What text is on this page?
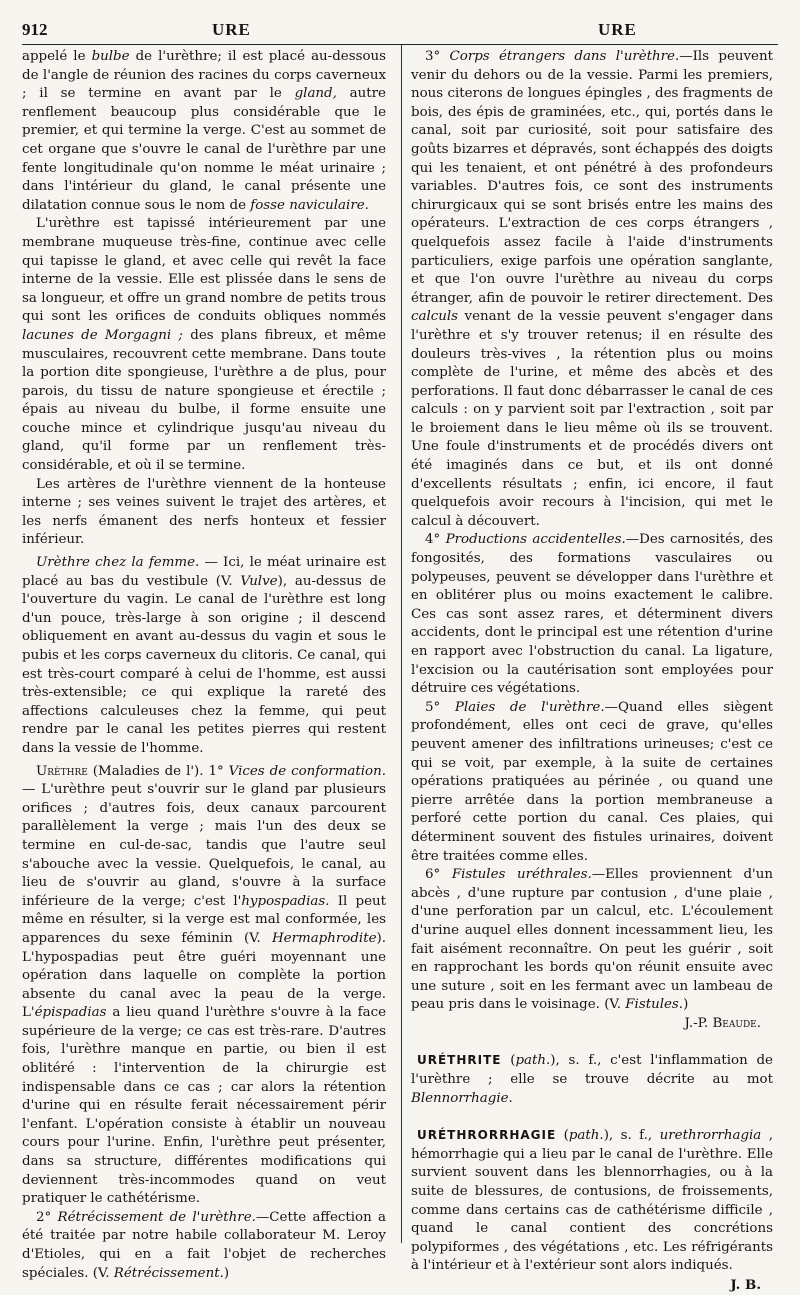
912	URE	URE

appelé le bulbe de l'urèthre; il est placé au-dessous de l'angle de réunion des racines du corps caverneux ; il se termine en avant par le gland, autre renflement beaucoup plus considérable que le premier, et qui termine la verge. C'est au sommet de cet organe que s'ouvre le canal de l'urèthre par une fente longitudinale qu'on nomme le méat urinaire ; dans l'intérieur du gland, le canal présente une dilatation connue sous le nom de fosse naviculaire.

L'urèthre est tapissé intérieurement par une membrane muqueuse très-fine, continue avec celle qui tapisse le gland, et avec celle qui revêt la face interne de la vessie. Elle est plissée dans le sens de sa longueur, et offre un grand nombre de petits trous qui sont les orifices de conduits obliques nommés lacunes de Morgagni ; des plans fibreux, et même musculaires, recouvrent cette membrane. Dans toute la portion dite spongieuse, l'urèthre a de plus, pour parois, du tissu de nature spongieuse et érectile ; épais au niveau du bulbe, il forme ensuite une couche mince et cylindrique jusqu'au niveau du gland, qu'il forme par un renflement très-considérable, et où il se termine.

Les artères de l'urèthre viennent de la honteuse interne ; ses veines suivent le trajet des artères, et les nerfs émanent des nerfs honteux et fessier inférieur.

Urèthre chez la femme. — Ici, le méat urinaire est placé au bas du vestibule (V. Vulve), au-dessus de l'ouverture du vagin. Le canal de l'urèthre est long d'un pouce, très-large à son origine ; il descend obliquement en avant au-dessus du vagin et sous le pubis et les corps caverneux du clitoris. Ce canal, qui est très-court comparé à celui de l'homme, est aussi très-extensible; ce qui explique la rareté des affections calculeuses chez la femme, qui peut rendre par le canal les petites pierres qui restent dans la vessie de l'homme.

Urèthre (Maladies de l'). 1° Vices de conformation. — L'urèthre peut s'ouvrir sur le gland par plusieurs orifices ; d'autres fois, deux canaux parcourent parallèlement la verge ; mais l'un des deux se termine en cul-de-sac, tandis que l'autre seul s'abouche avec la vessie. Quelquefois, le canal, au lieu de s'ouvrir au gland, s'ouvre à la surface inférieure de la verge; c'est l'hypospadias. Il peut même en résulter, si la verge est mal conformée, les apparences du sexe féminin (V. Hermaphrodite). L'hypospadias peut être guéri moyennant une opération dans laquelle on complète la portion absente du canal avec la peau de la verge. L'épispadias a lieu quand l'urèthre s'ouvre à la face supérieure de la verge; ce cas est très-rare. D'autres fois, l'urèthre manque en partie, ou bien il est oblitéré : l'intervention de la chirurgie est indispensable dans ce cas ; car alors la rétention d'urine qui en résulte ferait nécessairement périr l'enfant. L'opération consiste à établir un nouveau cours pour l'urine. Enfin, l'urèthre peut présenter, dans sa structure, différentes modifications qui deviennent très-incommodes quand on veut pratiquer le cathétérisme.

2° Rétrécissement de l'urèthre.—Cette affection a été traitée par notre habile collaborateur M. Leroy d'Etioles, qui en a fait l'objet de recherches spéciales. (V. Rétrécissement.)

3° Corps étrangers dans l'urèthre.—Ils peuvent venir du dehors ou de la vessie. Parmi les premiers, nous citerons de longues épingles , des fragments de bois, des épis de graminées, etc., qui, portés dans le canal, soit par curiosité, soit pour satisfaire des goûts bizarres et dépravés, sont échappés des doigts qui les tenaient, et ont pénétré à des profondeurs variables. D'autres fois, ce sont des instruments chirurgicaux qui se sont brisés entre les mains des opérateurs. L'extraction de ces corps étrangers , quelquefois assez facile à l'aide d'instruments particuliers, exige parfois une opération sanglante, et que l'on ouvre l'urèthre au niveau du corps étranger, afin de pouvoir le retirer directement. Des calculs venant de la vessie peuvent s'engager dans l'urèthre et s'y trouver retenus; il en résulte des douleurs très-vives , la rétention plus ou moins complète de l'urine, et même des abcès et des perforations. Il faut donc débarrasser le canal de ces calculs : on y parvient soit par l'extraction , soit par le broiement dans le lieu même où ils se trouvent. Une foule d'instruments et de procédés divers ont été imaginés dans ce but, et ils ont donné d'excellents résultats ; enfin, ici encore, il faut quelquefois avoir recours à l'incision, qui met le calcul à découvert.

4° Productions accidentelles.—Des carnosités, des fongosités, des formations vasculaires ou polypeuses, peuvent se développer dans l'urèthre et en oblitérer plus ou moins exactement le calibre. Ces cas sont assez rares, et déterminent divers accidents, dont le principal est une rétention d'urine en rapport avec l'obstruction du canal. La ligature, l'excision ou la cautérisation sont employées pour détruire ces végétations.

5° Plaies de l'urèthre.—Quand elles siègent profondément, elles ont ceci de grave, qu'elles peuvent amener des infiltrations urineuses; c'est ce qui se voit, par exemple, à la suite de certaines opérations pratiquées au périnée , ou quand une pierre arrêtée dans la portion membraneuse a perforé cette portion du canal. Ces plaies, qui déterminent souvent des fistules urinaires, doivent être traitées comme elles.

6° Fistules uréthrales.—Elles proviennent d'un abcès , d'une rupture par contusion , d'une plaie , d'une perforation par un calcul, etc. L'écoulement d'urine auquel elles donnent incessamment lieu, les fait aisément reconnaître. On peut les guérir , soit en rapprochant les bords qu'on réunit ensuite avec une suture , soit en les fermant avec un lambeau de peau pris dans le voisinage. (V. Fistules.)

J.-P. Beaude.

URÉTHRITE (path.), s. f., c'est l'inflammation de l'urèthre ; elle se trouve décrite au mot Blennorrhagie.

URÉTHRORRHAGIE (path.), s. f., urethrorrhagia , hémorrhagie qui a lieu par le canal de l'urèthre. Elle survient souvent dans les blennorrhagies, ou à la suite de blessures, de contusions, de froissements, comme dans certains cas de cathétérisme difficile , quand le canal contient des concrétions polypiformes , des végétations , etc. Les réfrigérants à l'intérieur et à l'extérieur sont alors indiqués.

J. B.
